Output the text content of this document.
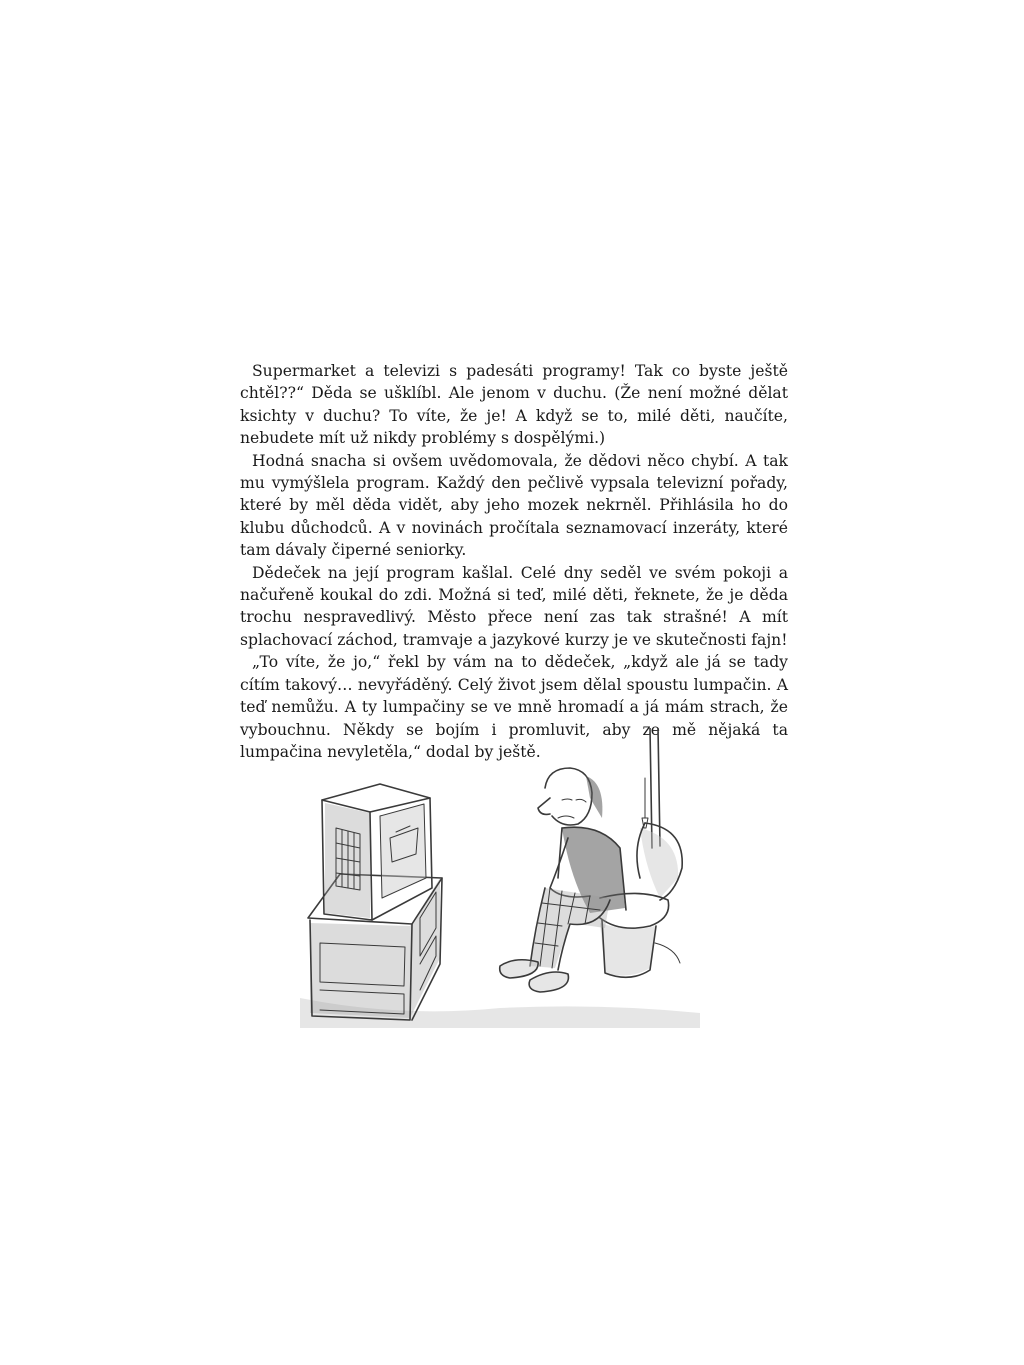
Supermarket a televizi s padesáti programy! Tak co byste ještě chtěl??“ Děda se ušklíbl. Ale jenom v duchu. (Že není možné dělat ksichty v duchu? To víte, že je! A když se to, milé děti, naučíte, nebudete mít už nikdy problémy s dospělými.)

Hodná snacha si ovšem uvědomovala, že dědovi něco chybí. A tak mu vymýšlela program. Každý den pečlivě vypsala televizní pořady, které by měl děda vidět, aby jeho mozek nekrněl. Přihlásila ho do klubu důchodců. A v novinách pročítala seznamovací inzeráty, které tam dávaly čiperné seniorky.

Dědeček na její program kašlal. Celé dny seděl ve svém pokoji a načuřeně koukal do zdi. Možná si teď, milé děti, řeknete, že je děda trochu nespravedlivý. Město přece není zas tak strašné! A mít splachovací záchod, tramvaje a jazykové kurzy je ve skutečnosti fajn!

„To víte, že jo,“ řekl by vám na to dědeček, „když ale já se tady cítím takový… nevyřáděný. Celý život jsem dělal spoustu lumpačin. A teď nemůžu. A ty lumpačiny se ve mně hromadí a já mám strach, že vybouchnu. Někdy se bojím i promluvit, aby ze mě nějaká ta lumpačina nevyletěla,“ dodal by ještě.
